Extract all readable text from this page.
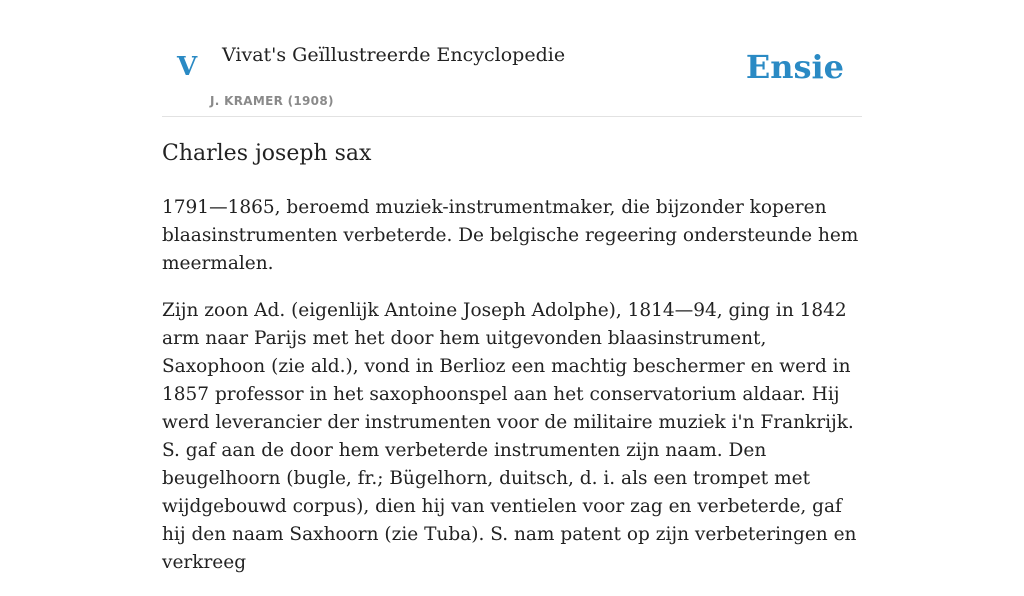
V Vivat's Geïllustreerde Encyclopedie
J. KRAMER (1908)
Ensie
Charles joseph sax

1791—1865, beroemd muziek-instrumentmaker, die bijzonder koperen blaasinstrumenten verbeterde. De belgische regeering ondersteunde hem meermalen.

Zijn zoon Ad. (eigenlijk Antoine Joseph Adolphe), 1814—94, ging in 1842 arm naar Parijs met het door hem uitgevonden blaasinstrument, Saxophoon (zie ald.), vond in Berlioz een machtig beschermer en werd in 1857 professor in het saxophoonspel aan het conservatorium aldaar. Hij werd leverancier der instrumenten voor de militaire muziek i'n Frankrijk. S. gaf aan de door hem verbeterde instrumenten zijn naam. Den beugelhoorn (bugle, fr.; Bügelhorn, duitsch, d. i. als een trompet met wijdgebouwd corpus), dien hij van ventielen voor zag en verbeterde, gaf hij den naam Saxhoorn (zie Tuba). S. nam patent op zijn verbeteringen en verkreeg
